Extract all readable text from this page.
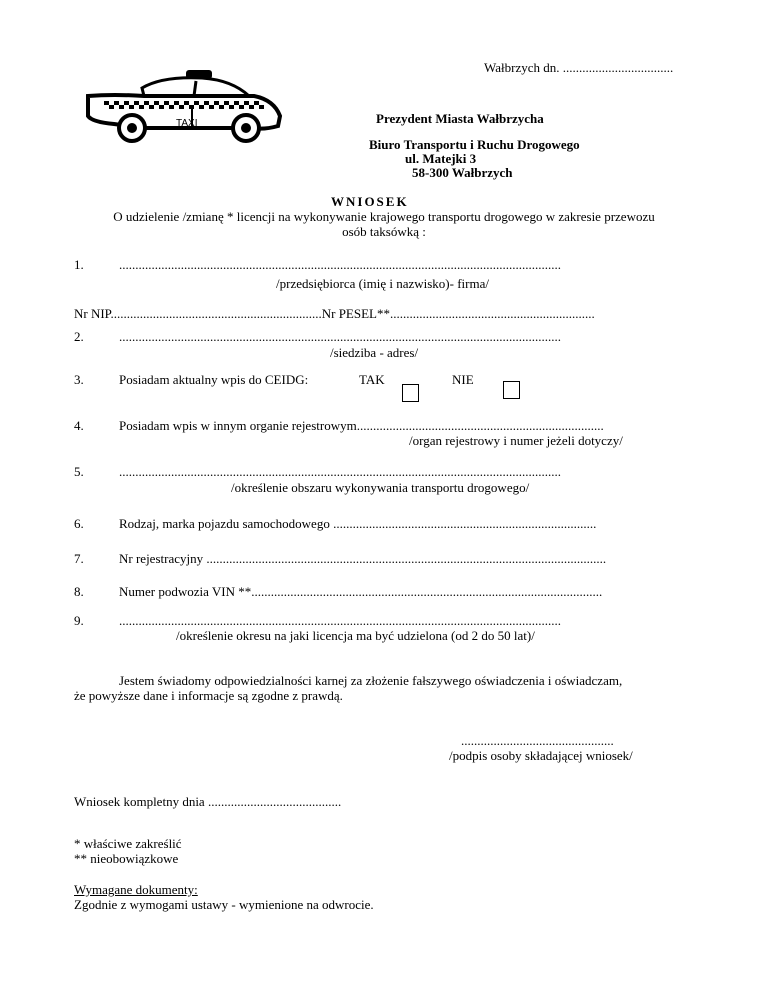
TAXI
Wałbrzych dn. ..................................
Prezydent Miasta Wałbrzycha
Biuro Transportu i Ruchu Drogowego
ul. Matejki 3
58-300 Wałbrzych
WNIOSEK
O udzielenie /zmianę * licencji na wykonywanie krajowego transportu drogowego w zakresie przewozu
osób taksówką :
1.	........................................................................................................................................
/przedsiębiorca (imię i nazwisko)- firma/
Nr NIP.................................................................Nr PESEL**...............................................................
2.	........................................................................................................................................
/siedziba - adres/
3.	Posiadam aktualny wpis do CEIDG:	TAK	NIE
4.	Posiadam wpis w innym organie rejestrowym............................................................................
/organ rejestrowy i numer jeżeli dotyczy/
5.	........................................................................................................................................
/określenie obszaru wykonywania transportu drogowego/
6.	Rodzaj, marka pojazdu samochodowego .................................................................................
7.	Nr rejestracyjny ...........................................................................................................................
8.	Numer podwozia VIN **............................................................................................................
9.	........................................................................................................................................
/określenie okresu na jaki licencja ma być udzielona (od 2 do 50 lat)/
Jestem świadomy odpowiedzialności karnej za złożenie fałszywego oświadczenia i oświadczam,
że powyższe dane i informacje są zgodne z prawdą.
...............................................
/podpis osoby składającej wniosek/
Wniosek kompletny dnia .........................................
* właściwe zakreślić
** nieobowiązkowe
Wymagane dokumenty:
Zgodnie z wymogami ustawy - wymienione na odwrocie.
